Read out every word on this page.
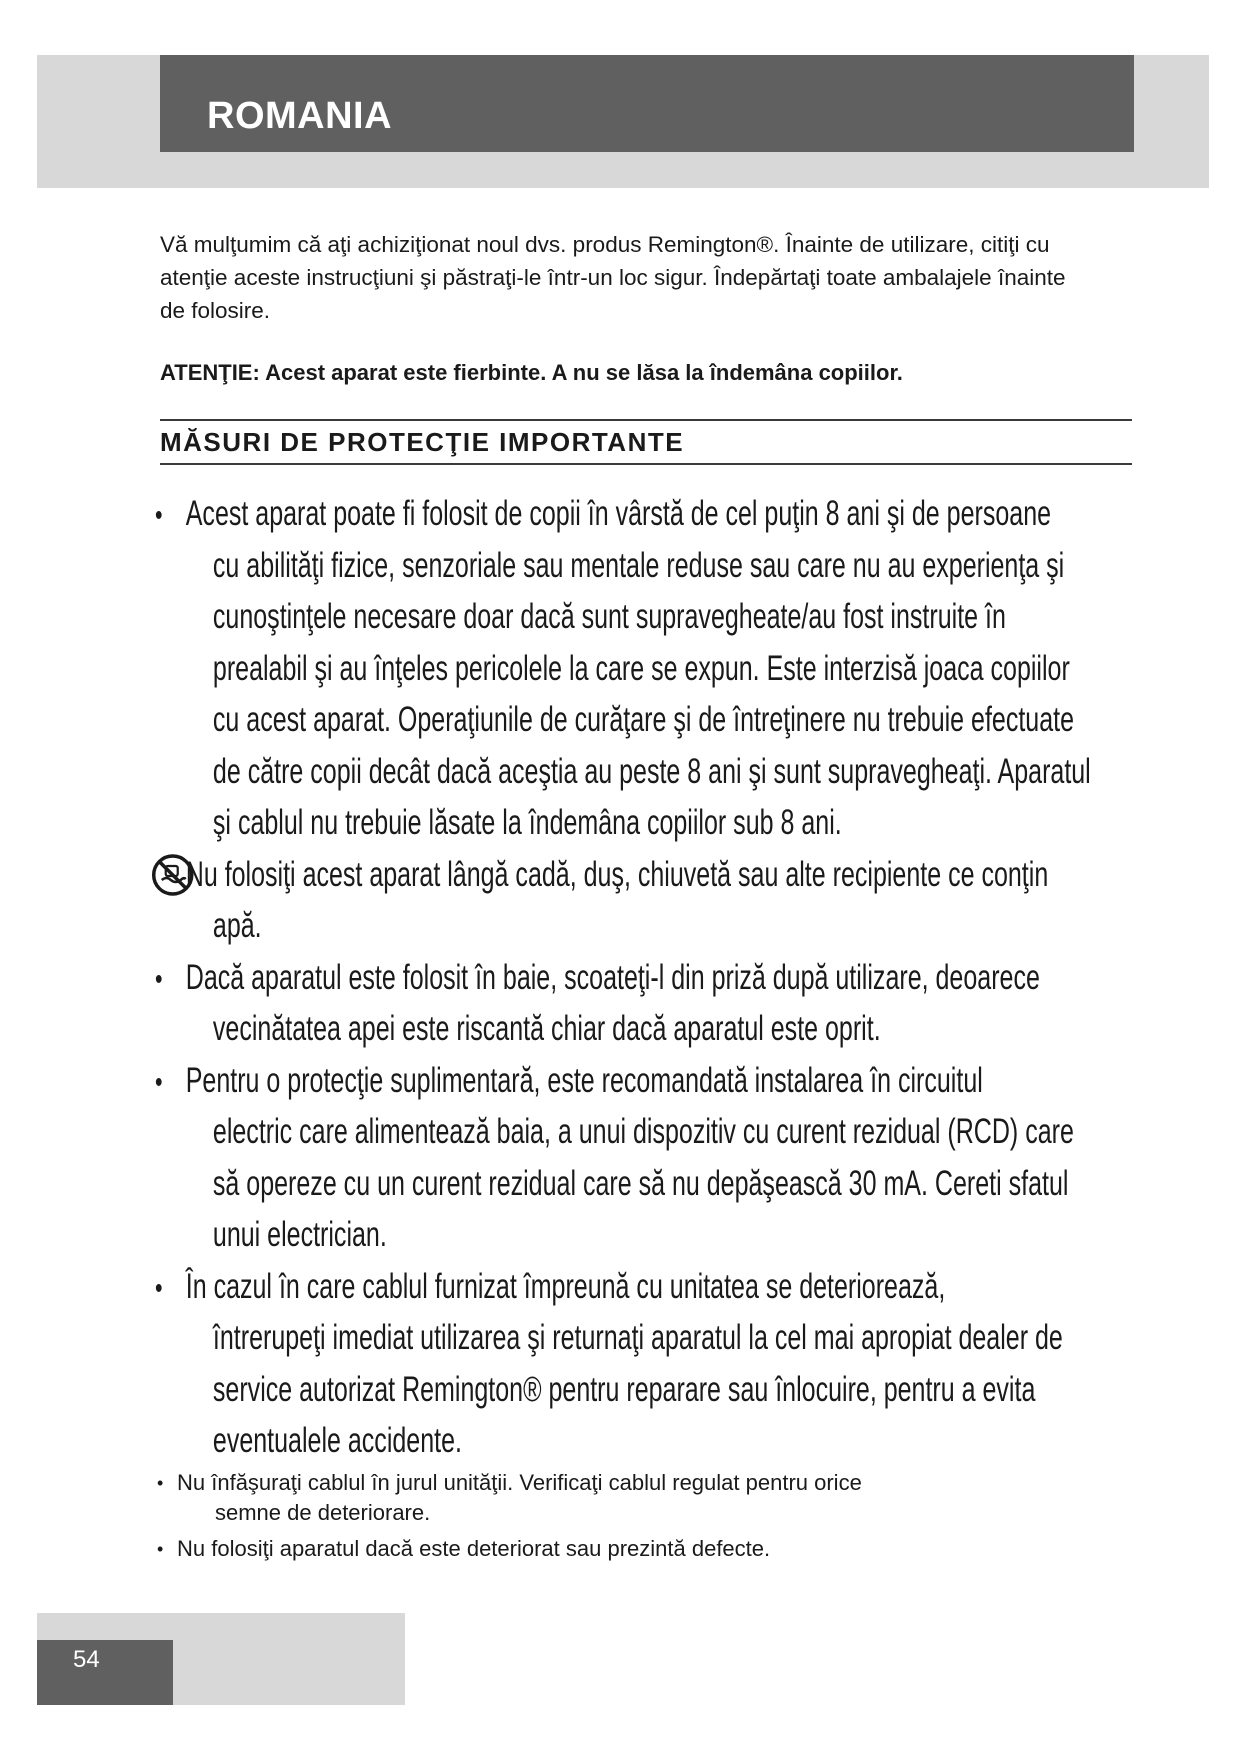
ROMANIA

Vă mulţumim că aţi achiziţionat noul dvs. produs Remington®. Înainte de utilizare, citiţi cu
atenţie aceste instrucţiuni şi păstraţi-le într-un loc sigur. Îndepărtaţi toate ambalajele înainte
de folosire.

ATENŢIE: Acest aparat este fierbinte. A nu se lăsa la îndemâna copiilor.

MĂSURI DE PROTECŢIE IMPORTANTE
•
Acest aparat poate fi folosit de copii în vârstă de cel puţin 8 ani şi de persoane
cu abilităţi fizice, senzoriale sau mentale reduse sau care nu au experienţa şi
cunoştinţele necesare doar dacă sunt supravegheate/au fost instruite în
prealabil şi au înţeles pericolele la care se expun. Este interzisă joaca copiilor
cu acest aparat. Operaţiunile de curăţare şi de întreţinere nu trebuie efectuate
de către copii decât dacă aceştia au peste 8 ani şi sunt supravegheaţi. Aparatul
şi cablul nu trebuie lăsate la îndemâna copiilor sub 8 ani.
Nu folosiţi acest aparat lângă cadă, duş, chiuvetă sau alte recipiente ce conţin
apă.
•
Dacă aparatul este folosit în baie, scoateţi-l din priză după utilizare, deoarece
vecinătatea apei este riscantă chiar dacă aparatul este oprit.
•
Pentru o protecţie suplimentară, este recomandată instalarea în circuitul
electric care alimentează baia, a unui dispozitiv cu curent rezidual (RCD) care
să opereze cu un curent rezidual care să nu depăşească 30 mA. Cereti sfatul
unui electrician.
•
În cazul în care cablul furnizat împreună cu unitatea se deteriorează,
întrerupeţi imediat utilizarea şi returnaţi aparatul la cel mai apropiat dealer de
service autorizat Remington® pentru reparare sau înlocuire, pentru a evita
eventualele accidente.
• Nu înfăşuraţi cablul în jurul unităţii. Verificaţi cablul regulat pentru orice
semne de deteriorare.
• Nu folosiţi aparatul dacă este deteriorat sau prezintă defecte.
54
